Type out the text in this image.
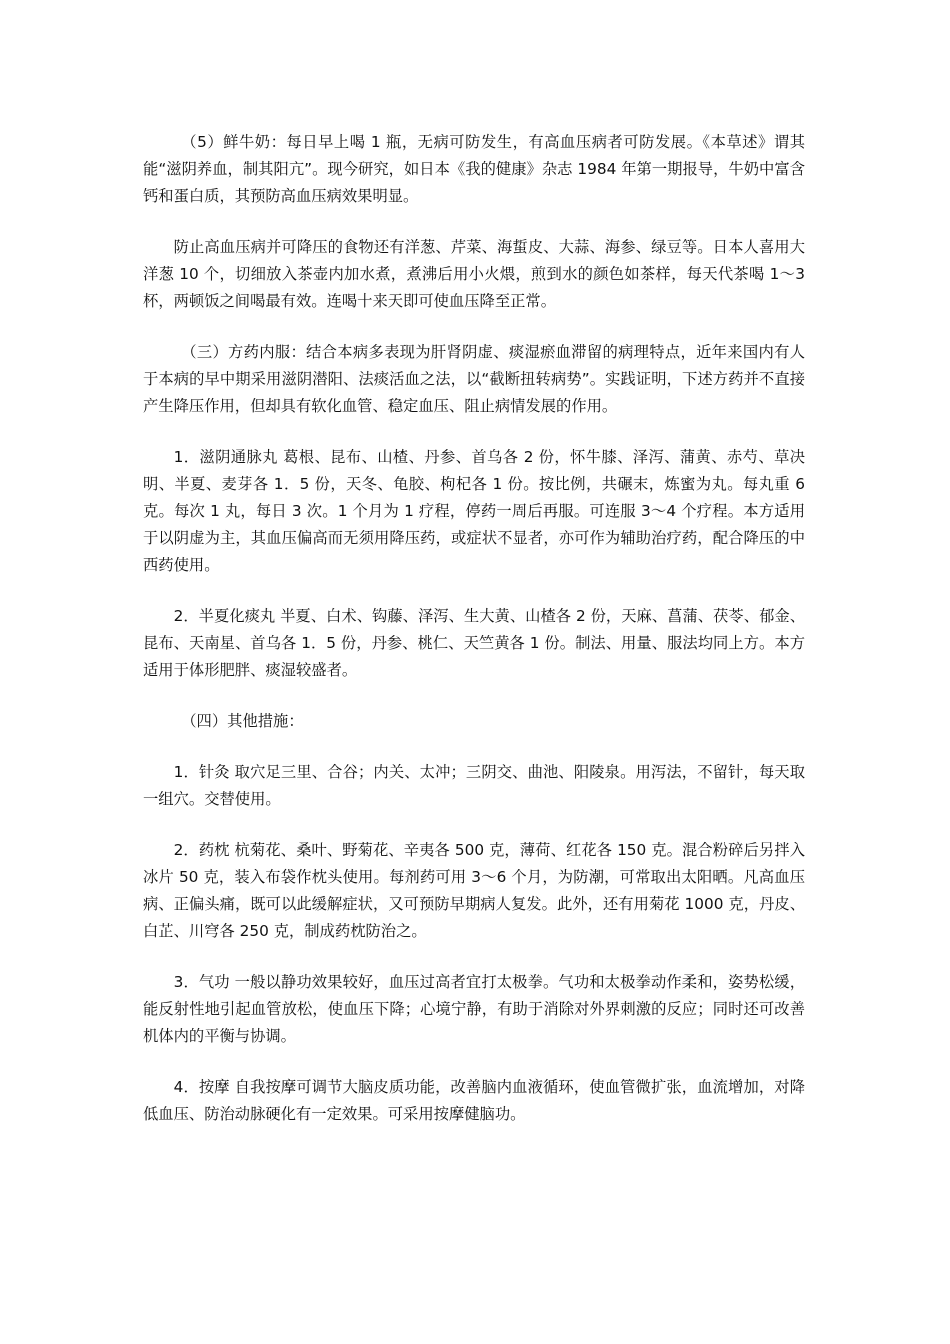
（5）鲜牛奶：每日早上喝 1 瓶，无病可防发生，有高血压病者可防发展。《本草述》谓其能“滋阴养血，制其阳亢”。现今研究，如日本《我的健康》杂志 1984 年第一期报导，牛奶中富含钙和蛋白质，其预防高血压病效果明显。

防止高血压病并可降压的食物还有洋葱、芹菜、海蜇皮、大蒜、海参、绿豆等。日本人喜用大洋葱 10 个，切细放入茶壶内加水煮，煮沸后用小火煨，煎到水的颜色如茶样，每天代茶喝 1～3 杯，两顿饭之间喝最有效。连喝十来天即可使血压降至正常。

（三）方药内服：结合本病多表现为肝肾阴虚、痰湿瘀血滞留的病理特点，近年来国内有人于本病的早中期采用滋阴潜阳、法痰活血之法，以“截断扭转病势”。实践证明，下述方药并不直接产生降压作用，但却具有软化血管、稳定血压、阻止病情发展的作用。

1．滋阴通脉丸 葛根、昆布、山楂、丹参、首乌各 2 份，怀牛膝、泽泻、蒲黄、赤芍、草决明、半夏、麦芽各 1．5 份，天冬、龟胶、枸杞各 1 份。按比例，共碾末，炼蜜为丸。每丸重 6 克。每次 1 丸，每日 3 次。1 个月为 1 疗程，停药一周后再服。可连服 3～4 个疗程。本方适用于以阴虚为主，其血压偏高而无须用降压药，或症状不显者，亦可作为辅助治疗药，配合降压的中西药使用。

2．半夏化痰丸 半夏、白术、钩藤、泽泻、生大黄、山楂各 2 份，天麻、菖蒲、茯苓、郁金、昆布、天南星、首乌各 1．5 份，丹参、桃仁、天竺黄各 1 份。制法、用量、服法均同上方。本方适用于体形肥胖、痰湿较盛者。

（四）其他措施：

1．针灸 取穴足三里、合谷；内关、太冲；三阴交、曲池、阳陵泉。用泻法，不留针，每天取一组穴。交替使用。

2．药枕 杭菊花、桑叶、野菊花、辛夷各 500 克，薄荷、红花各 150 克。混合粉碎后另拌入冰片 50 克，装入布袋作枕头使用。每剂药可用 3～6 个月，为防潮，可常取出太阳晒。凡高血压病、正偏头痛，既可以此缓解症状，又可预防早期病人复发。此外，还有用菊花 1000 克，丹皮、白芷、川穹各 250 克，制成药枕防治之。

3．气功 一般以静功效果较好，血压过高者宜打太极拳。气功和太极拳动作柔和，姿势松缓，能反射性地引起血管放松，使血压下降；心境宁静，有助于消除对外界刺激的反应；同时还可改善机体内的平衡与协调。

4．按摩 自我按摩可调节大脑皮质功能，改善脑内血液循环，使血管微扩张，血流增加，对降低血压、防治动脉硬化有一定效果。可采用按摩健脑功。
